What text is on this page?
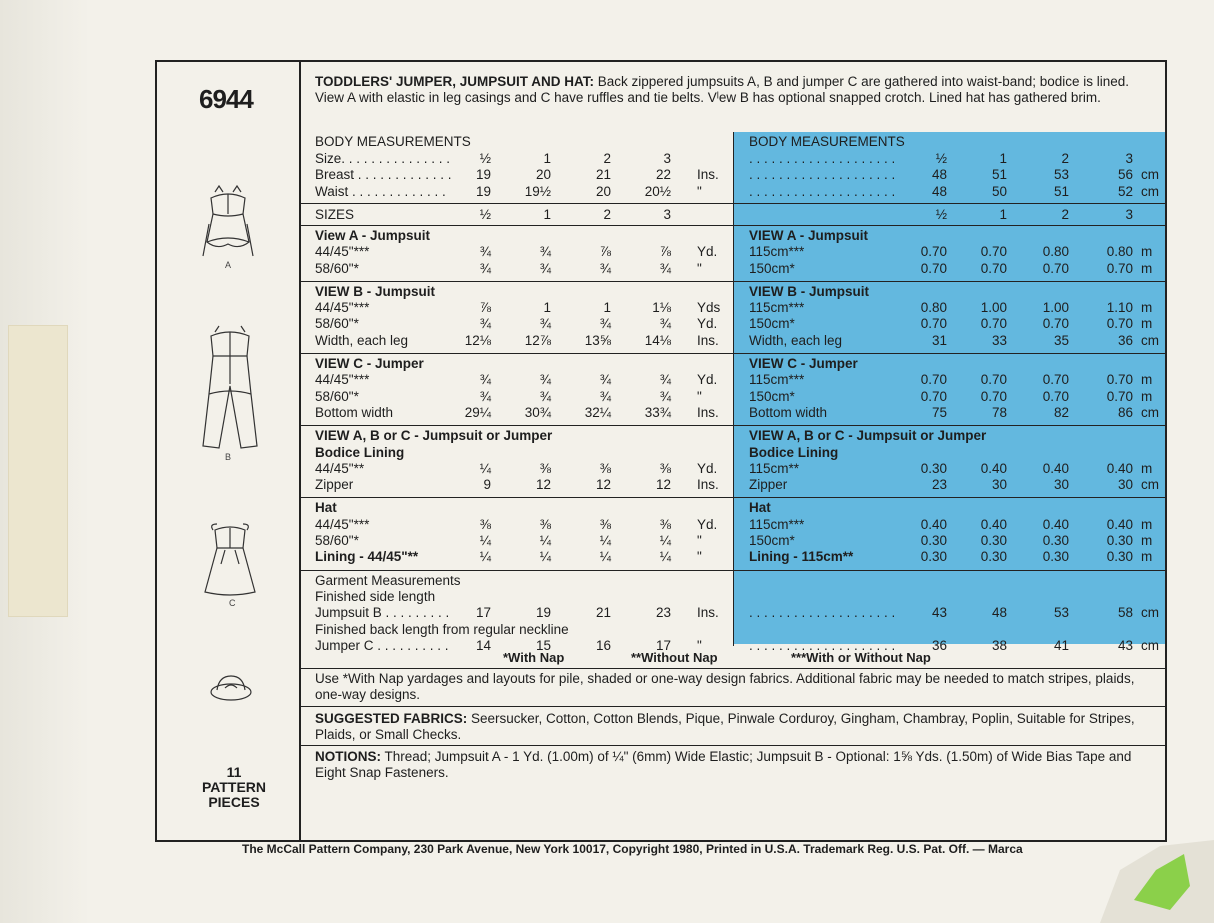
6944
A
B
C
11
PATTERN
PIECES
TODDLERS' JUMPER, JUMPSUIT AND HAT: Back zippered jumpsuits A, B and jumper C are gathered into waist-band; bodice is lined. View A with elastic in leg casings and C have ruffles and tie belts. Vˡew B has optional snapped crotch. Lined hat has gathered brim.
BODY MEASUREMENTS
Size. . . . . . . . . . . . . . .	½	1	2	3
Breast . . . . . . . . . . . . .	19	20	21	22 Ins.
Waist . . . . . . . . . . . . .	19	19½	20	20½ "
SIZES	½	1	2	3
View A - Jumpsuit
44/45"***	¾	¾	⅞	⅞ Yd.
58/60"*	¾	¾	¾	¾ "
VIEW B - Jumpsuit
44/45"***	⅞	1	1	1⅛ Yds
58/60"*	¾	¾	¾	¾ Yd.
Width, each leg	12⅛	12⅞	13⅝	14⅛ Ins.
VIEW C - Jumper
44/45"***	¾	¾	¾	¾ Yd.
58/60"*	¾	¾	¾	¾ "
Bottom width	29¼	30¾	32¼	33¾ Ins.
VIEW A, B or C - Jumpsuit or Jumper
Bodice Lining
44/45"**	¼	⅜	⅜	⅜ Yd.
Zipper	9	12	12	12 Ins.
Hat
44/45"***	⅜	⅜	⅜	⅜ Yd.
58/60"*	¼	¼	¼	¼ "
Lining - 44/45"**	¼	¼	¼	¼ "
Garment Measurements
Finished side length
Jumpsuit B . . . . . . . . .	17	19	21	23 Ins.
Finished back length from regular neckline
Jumper C . . . . . . . . . .	14	15	16	17 "
BODY MEASUREMENTS
. . . . . . . . . . . . . . . . . . . .	½	1	2	3
. . . . . . . . . . . . . . . . . . . .	48	51	53	56 cm
. . . . . . . . . . . . . . . . . . . .	48	50	51	52 cm
½	1	2	3
VIEW A - Jumpsuit
115cm***	0.70	0.70	0.80	0.80 m
150cm*	0.70	0.70	0.70	0.70 m
VIEW B - Jumpsuit
115cm***	0.80	1.00	1.00	1.10 m
150cm*	0.70	0.70	0.70	0.70 m
Width, each leg	31	33	35	36 cm
VIEW C - Jumper
115cm***	0.70	0.70	0.70	0.70 m
150cm*	0.70	0.70	0.70	0.70 m
Bottom width	75	78	82	86 cm
VIEW A, B or C - Jumpsuit or Jumper
Bodice Lining
115cm**	0.30	0.40	0.40	0.40 m
Zipper	23	30	30	30 cm
Hat
115cm***	0.40	0.40	0.40	0.40 m
150cm*	0.30	0.30	0.30	0.30 m
Lining - 115cm**	0.30	0.30	0.30	0.30 m
. . . . . . . . . . . . . . . . . . . .	43	48	53	58 cm
. . . . . . . . . . . . . . . . . . . .	36	38	41	43 cm
*With Nap	**Without Nap	***With or Without Nap
Use *With Nap yardages and layouts for pile, shaded or one-way design fabrics. Additional fabric may be needed to match stripes, plaids, one-way designs.
SUGGESTED FABRICS: Seersucker, Cotton, Cotton Blends, Pique, Pinwale Corduroy, Gingham, Chambray, Poplin, Suitable for Stripes, Plaids, or Small Checks.
NOTIONS: Thread; Jumpsuit A - 1 Yd. (1.00m) of ¼" (6mm) Wide Elastic; Jumpsuit B - Optional: 1⅝ Yds. (1.50m) of Wide Bias Tape and Eight Snap Fasteners.
The McCall Pattern Company, 230 Park Avenue, New York 10017, Copyright 1980, Printed in U.S.A. Trademark Reg. U.S. Pat. Off. — Marca
